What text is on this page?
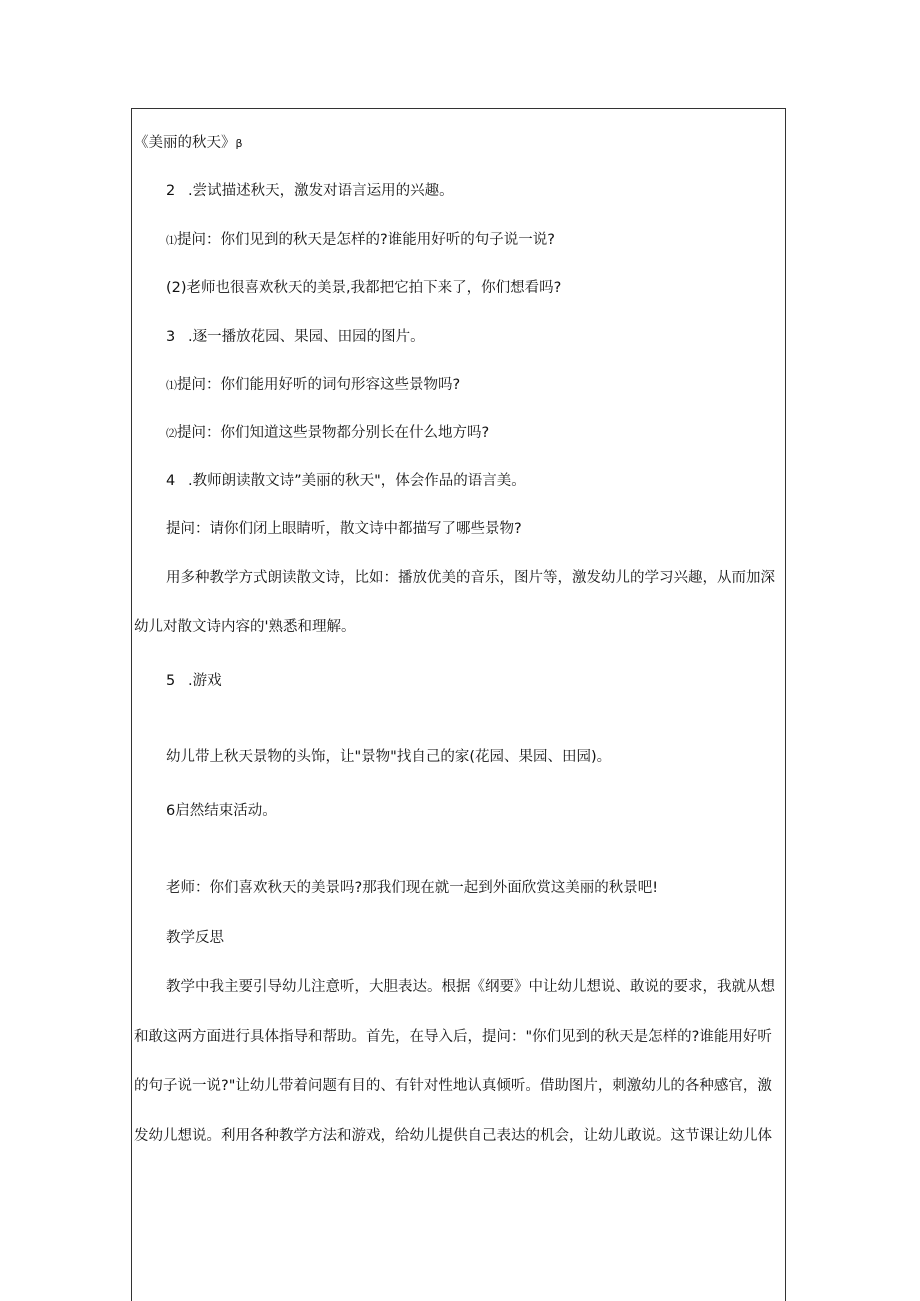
《美丽的秋天》β
2 .尝试描述秋天，激发对语言运用的兴趣。
⑴提问：你们见到的秋天是怎样的?谁能用好听的句子说一说?
(2)老师也很喜欢秋天的美景,我都把它拍下来了，你们想看吗?
3 .逐一播放花园、果园、田园的图片。
⑴提问：你们能用好听的词句形容这些景物吗?
⑵提问：你们知道这些景物都分别长在什么地方吗?
4 .教师朗读散文诗”美丽的秋天"，体会作品的语言美。
提问：请你们闭上眼睛听，散文诗中都描写了哪些景物?
用多种教学方式朗读散文诗，比如：播放优美的音乐，图片等，激发幼儿的学习兴趣，从而加深
幼儿对散文诗内容的'熟悉和理解。
5 .游戏
幼儿带上秋天景物的头饰，让"景物"找自己的家(花园、果园、田园)。
6启然结束活动。
老师：你们喜欢秋天的美景吗?那我们现在就一起到外面欣赏这美丽的秋景吧!
教学反思
教学中我主要引导幼儿注意听，大胆表达。根据《纲要》中让幼儿想说、敢说的要求，我就从想
和敢这两方面进行具体指导和帮助。首先，在导入后，提问："你们见到的秋天是怎样的?谁能用好听
的句子说一说?"让幼儿带着问题有目的、有针对性地认真倾听。借助图片，刺激幼儿的各种感官，激
发幼儿想说。利用各种教学方法和游戏，给幼儿提供自己表达的机会，让幼儿敢说。这节课让幼儿体
